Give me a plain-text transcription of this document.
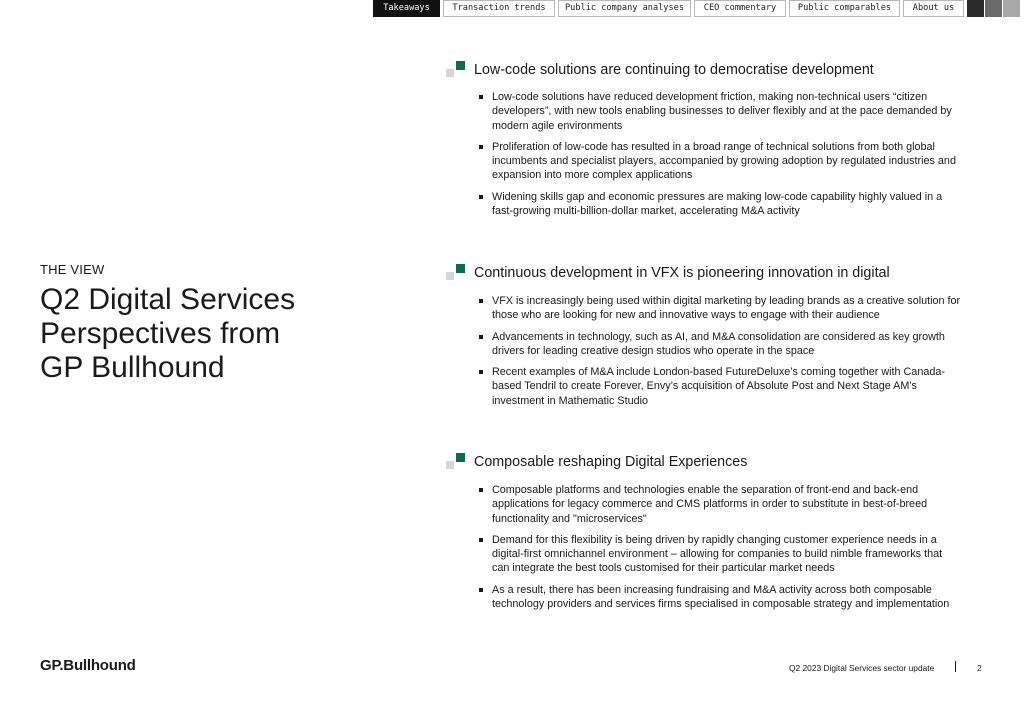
Takeaways	Transaction trends	Public company analyses	CEO commentary	Public comparables	About us
THE VIEW
Q2 Digital Services
Perspectives from
GP Bullhound
Low-code solutions are continuing to democratise development
Low-code solutions have reduced development friction, making non-technical users “citizen developers”, with new tools enabling businesses to deliver flexibly and at the pace demanded by modern agile environments
Proliferation of low-code has resulted in a broad range of technical solutions from both global incumbents and specialist players, accompanied by growing adoption by regulated industries and expansion into more complex applications
Widening skills gap and economic pressures are making low-code capability highly valued in a fast-growing multi-billion-dollar market, accelerating M&A activity
Continuous development in VFX is pioneering innovation in digital
VFX is increasingly being used within digital marketing by leading brands as a creative solution for those who are looking for new and innovative ways to engage with their audience
Advancements in technology, such as AI, and M&A consolidation are considered as key growth drivers for leading creative design studios who operate in the space
Recent examples of M&A include London-based FutureDeluxe’s coming together with Canada-based Tendril to create Forever, Envy’s acquisition of Absolute Post and Next Stage AM’s investment in Mathematic Studio
Composable reshaping Digital Experiences
Composable platforms and technologies enable the separation of front-end and back-end applications for legacy commerce and CMS platforms in order to substitute in best-of-breed functionality and "microservices"
Demand for this flexibility is being driven by rapidly changing customer experience needs in a digital-first omnichannel environment – allowing for companies to build nimble frameworks that can integrate the best tools customised for their particular market needs
As a result, there has been increasing fundraising and M&A activity across both composable technology providers and services firms specialised in composable strategy and implementation
GP.Bullhound	Q2 2023 Digital Services sector update	2
